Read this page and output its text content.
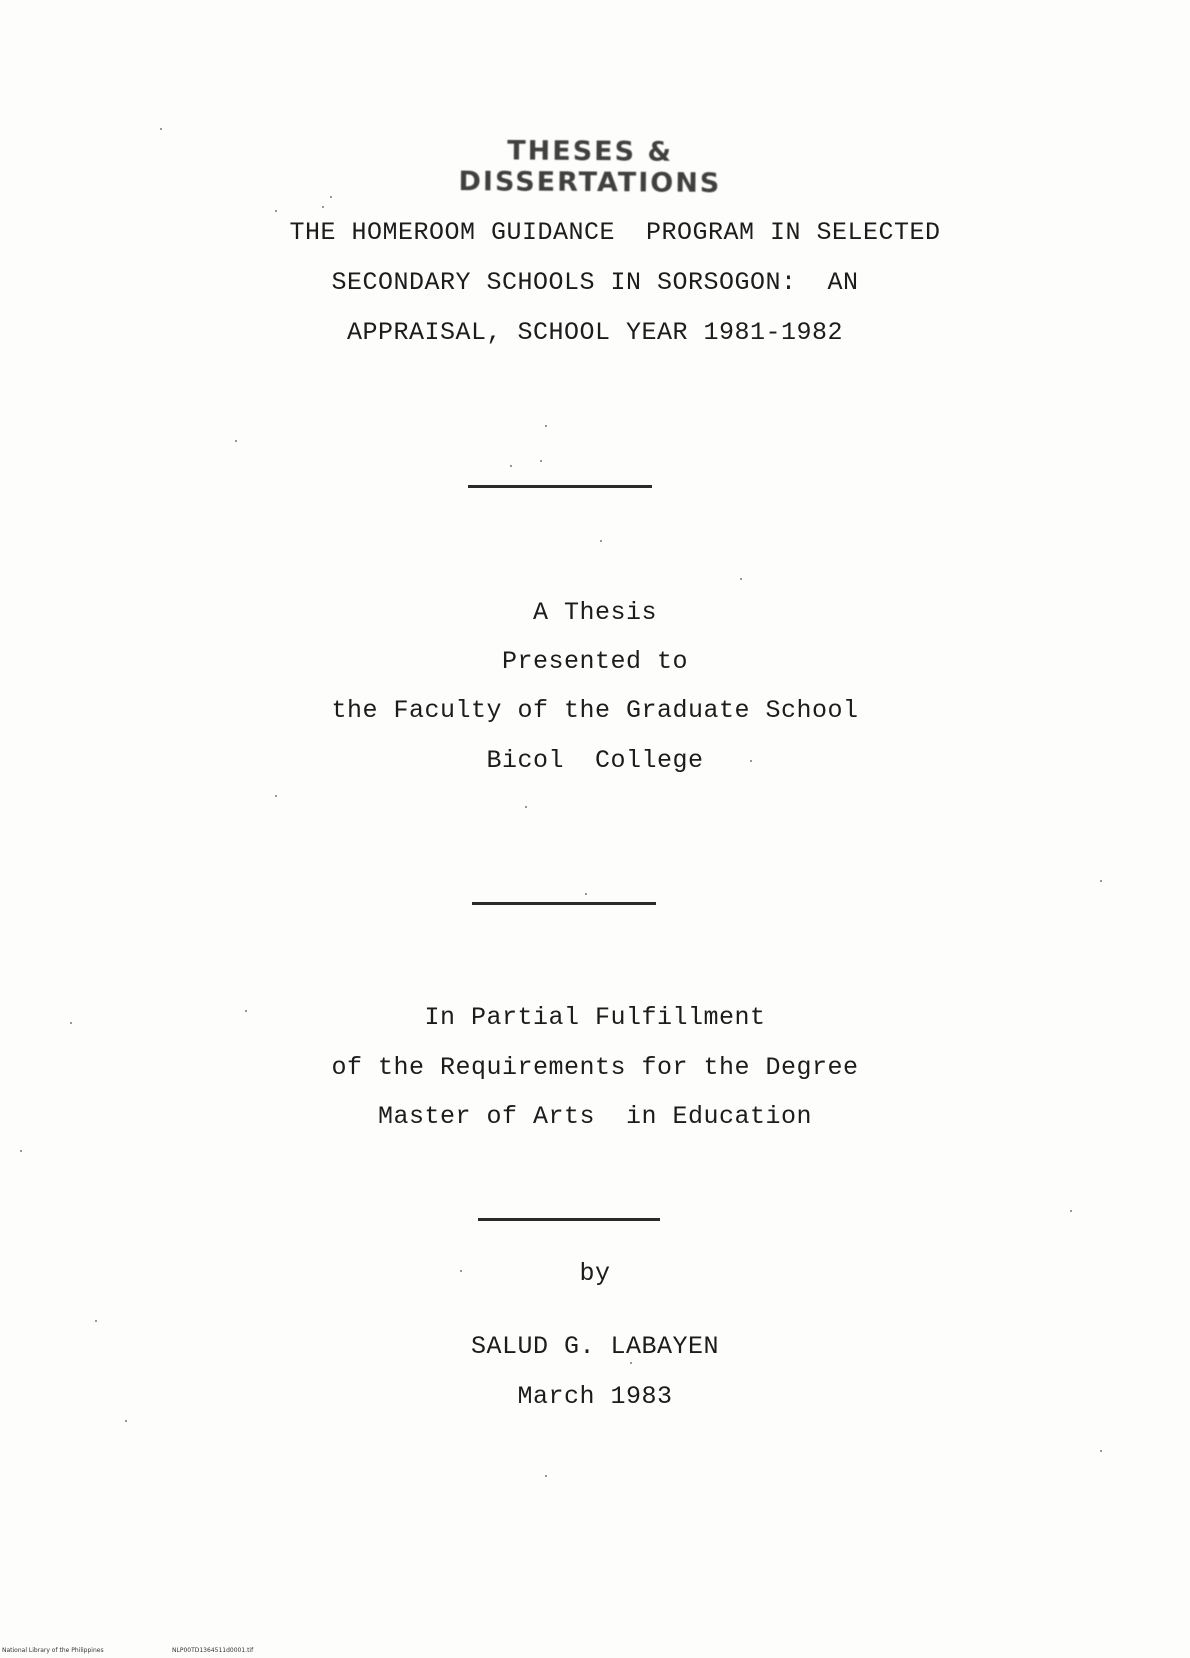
THESES & DISSERTATIONS
THE HOMEROOM GUIDANCE  PROGRAM IN SELECTED
SECONDARY SCHOOLS IN SORSOGON:  AN
APPRAISAL, SCHOOL YEAR 1981-1982
A Thesis
Presented to
the Faculty of the Graduate School
Bicol  College
In Partial Fulfillment
of the Requirements for the Degree
Master of Arts  in Education
by
SALUD G. LABAYEN
March 1983
National Library of the Philippines	NLP00TD1364511d0001.tif
